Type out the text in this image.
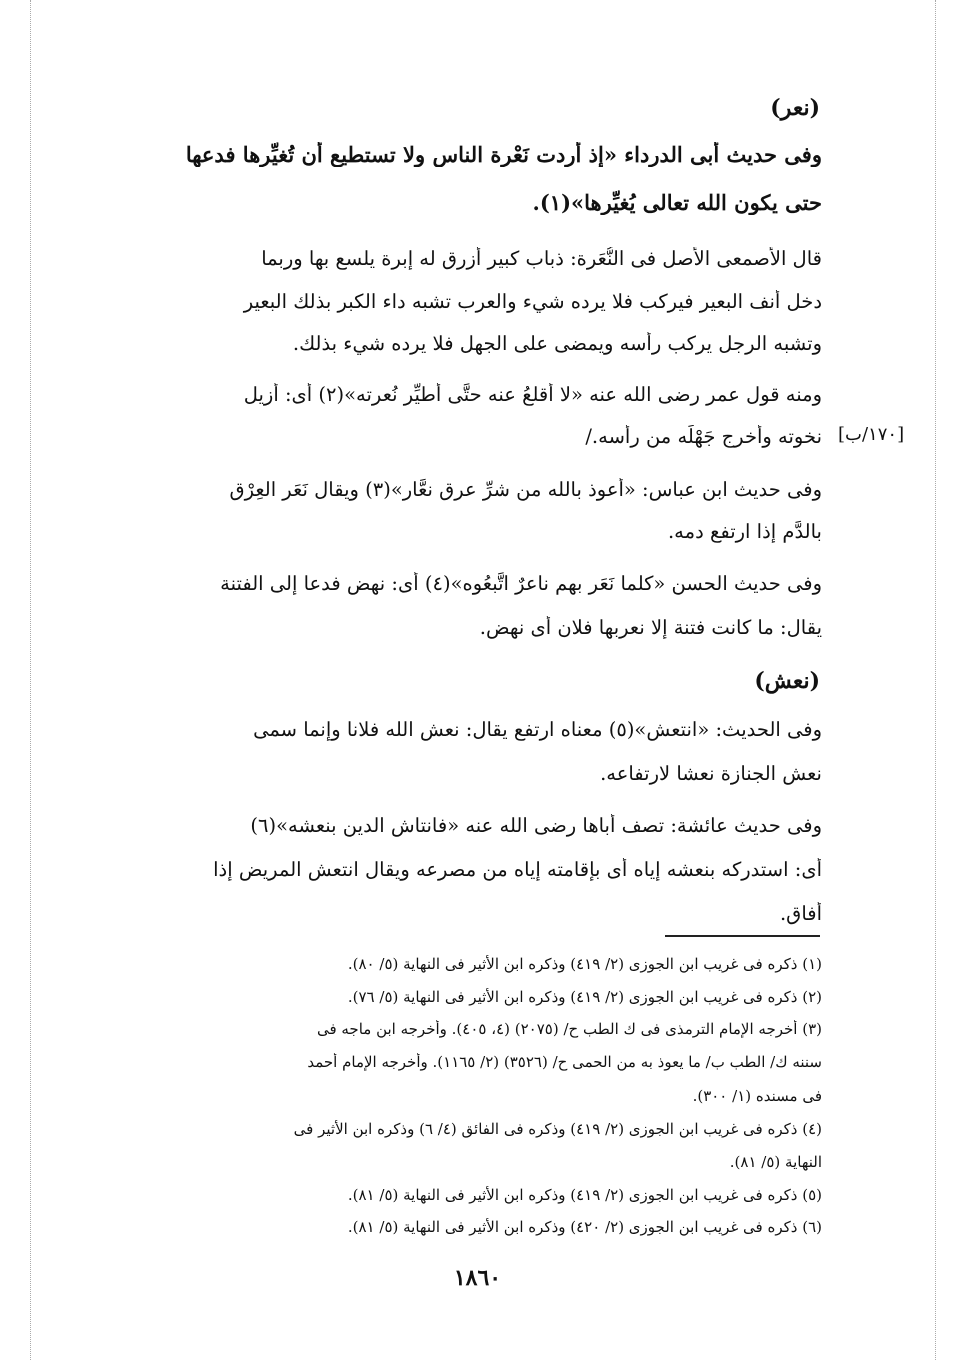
(نعر)
وفى حديث أبى الدرداء «إذ أردت نَعْرة الناسِ ولا تستطيع أن تُغيِّرها فدعها
حتى يكون الله تعالى يُغيِّرها»(١).
قال الأصمعى الأصل فى النُّعَرة: ذباب كبير أزرق له إبرة يلسع بها وربما
دخل أنف البعير فيركب فلا يرده شيء والعرب تشبه داء الكبر بذلك البعير
وتشبه الرجل يركب رأسه ويمضى على الجهل فلا يرده شيء بذلك.
ومنه قول عمر رضى الله عنه «لا أُقلعُ عنه حتَّى أُطيِّر نُعرته»(٢) أى: أزيل
نخوته وأخرج جَهْلَه من رأسه./ [١٧٠/ب]
وفى حديث ابن عباس: «أعوذ بالله من شرِّ عرقٍ نعَّار»(٣) ويقال نَعَر العِرْق
بالدَّم إذا ارتفع دمه.
وفى حديث الحسن «كلما نَعَر بهم ناعرٌ اتَّبعُوه»(٤) أى: نهض فدعا إلى الفتنة
يقال: ما كانت فتنة إلا نعربها فلان أى نهض.
(نعش)
وفى الحديث: «انتعش»(٥) معناه ارتفع يقال: نعش الله فلانا وإنما سمى
نعش الجنازة نعشا لارتفاعه.
وفى حديث عائشة: تصف أباها رضى الله عنه «فانتاش الدين بنعشه»(٦)
أى: استدركه بنعشه إياه أى بإقامته إياه من مصرعه ويقال انتعش المريض إذا
أفاق.
(١) ذكره فى غريب ابن الجوزى (٢/ ٤١٩) وذكره ابن الأثير فى النهاية (٥/ ٨٠).
(٢) ذكره فى غريب ابن الجوزى (٢/ ٤١٩) وذكره ابن الأثير فى النهاية (٥/ ٧٦).
(٣) أخرجه الإمام الترمذى فى ك الطب ح/ (٢٠٧٥) (٤، ٤٠٥). وأخرجه ابن ماجه فى
سننه ك/ الطب ب/ ما يعوذ به من الحمى ح/ (٣٥٢٦) (٢/ ١١٦٥). وأخرجه الإمام أحمد
فى مسنده (١/ ٣٠٠).
(٤) ذكره فى غريب ابن الجوزى (٢/ ٤١٩) وذكره فى الفائق (٤/ ٦) وذكره ابن الأثير فى
النهاية (٥/ ٨١).
(٥) ذكره فى غريب ابن الجوزى (٢/ ٤١٩) وذكره ابن الأثير فى النهاية (٥/ ٨١).
(٦) ذكره فى غريب ابن الجوزى (٢/ ٤٢٠) وذكره ابن الأثير فى النهاية (٥/ ٨١).
١٨٦٠
